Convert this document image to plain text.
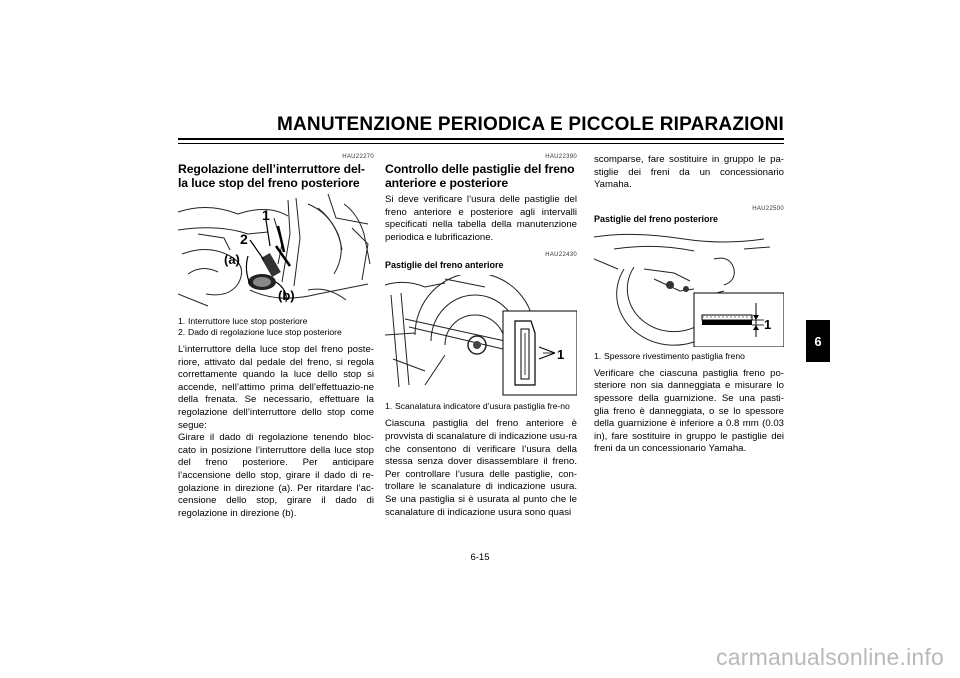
MANUTENZIONE PERIODICA E PICCOLE RIPARAZIONI
HAU22270
Regolazione dell’interruttore del-la luce stop del freno posteriore
1
2
(a)
(b)
1. Interruttore luce stop posteriore
2. Dado di regolazione luce stop posteriore

L’interruttore della luce stop del freno poste-riore, attivato dal pedale del freno, si regola correttamente quando la luce dello stop si accende, nell’attimo prima dell’effettuazio-ne della frenata. Se necessario, effettuare la regolazione dell’interruttore dello stop come segue:

Girare il dado di regolazione tenendo bloc-cato in posizione l’interruttore della luce stop del freno posteriore. Per anticipare l’accensione dello stop, girare il dado di re-golazione in direzione (a). Per ritardare l’ac-censione dello stop, girare il dado di regolazione in direzione (b).

HAU22390
Controllo delle pastiglie del freno anteriore e posteriore

Si deve verificare l’usura delle pastiglie del freno anteriore e posteriore agli intervalli specificati nella tabella della manutenzione periodica e lubrificazione.

HAU22430
Pastiglie del freno anteriore
1
1. Scanalatura indicatore d’usura pastiglia fre-no

Ciascuna pastiglia del freno anteriore è provvista di scanalature di indicazione usu-ra che consentono di verificare l’usura della stessa senza dover disassemblare il freno. Per controllare l’usura delle pastiglie, con-trollare le scanalature di indicazione usura. Se una pastiglia si è usurata al punto che le scanalature di indicazione usura sono quasi

scomparse, fare sostituire in gruppo le pa-stiglie dei freni da un concessionario Yamaha.

HAU22500
Pastiglie del freno posteriore
1
1. Spessore rivestimento pastiglia freno

Verificare che ciascuna pastiglia freno po-steriore non sia danneggiata e misurare lo spessore della guarnizione. Se una pasti-glia freno è danneggiata, o se lo spessore della guarnizione è inferiore a 0.8 mm (0.03 in), fare sostituire in gruppo le pastiglie dei freni da un concessionario Yamaha.

6
6-15
carmanualsonline.info
